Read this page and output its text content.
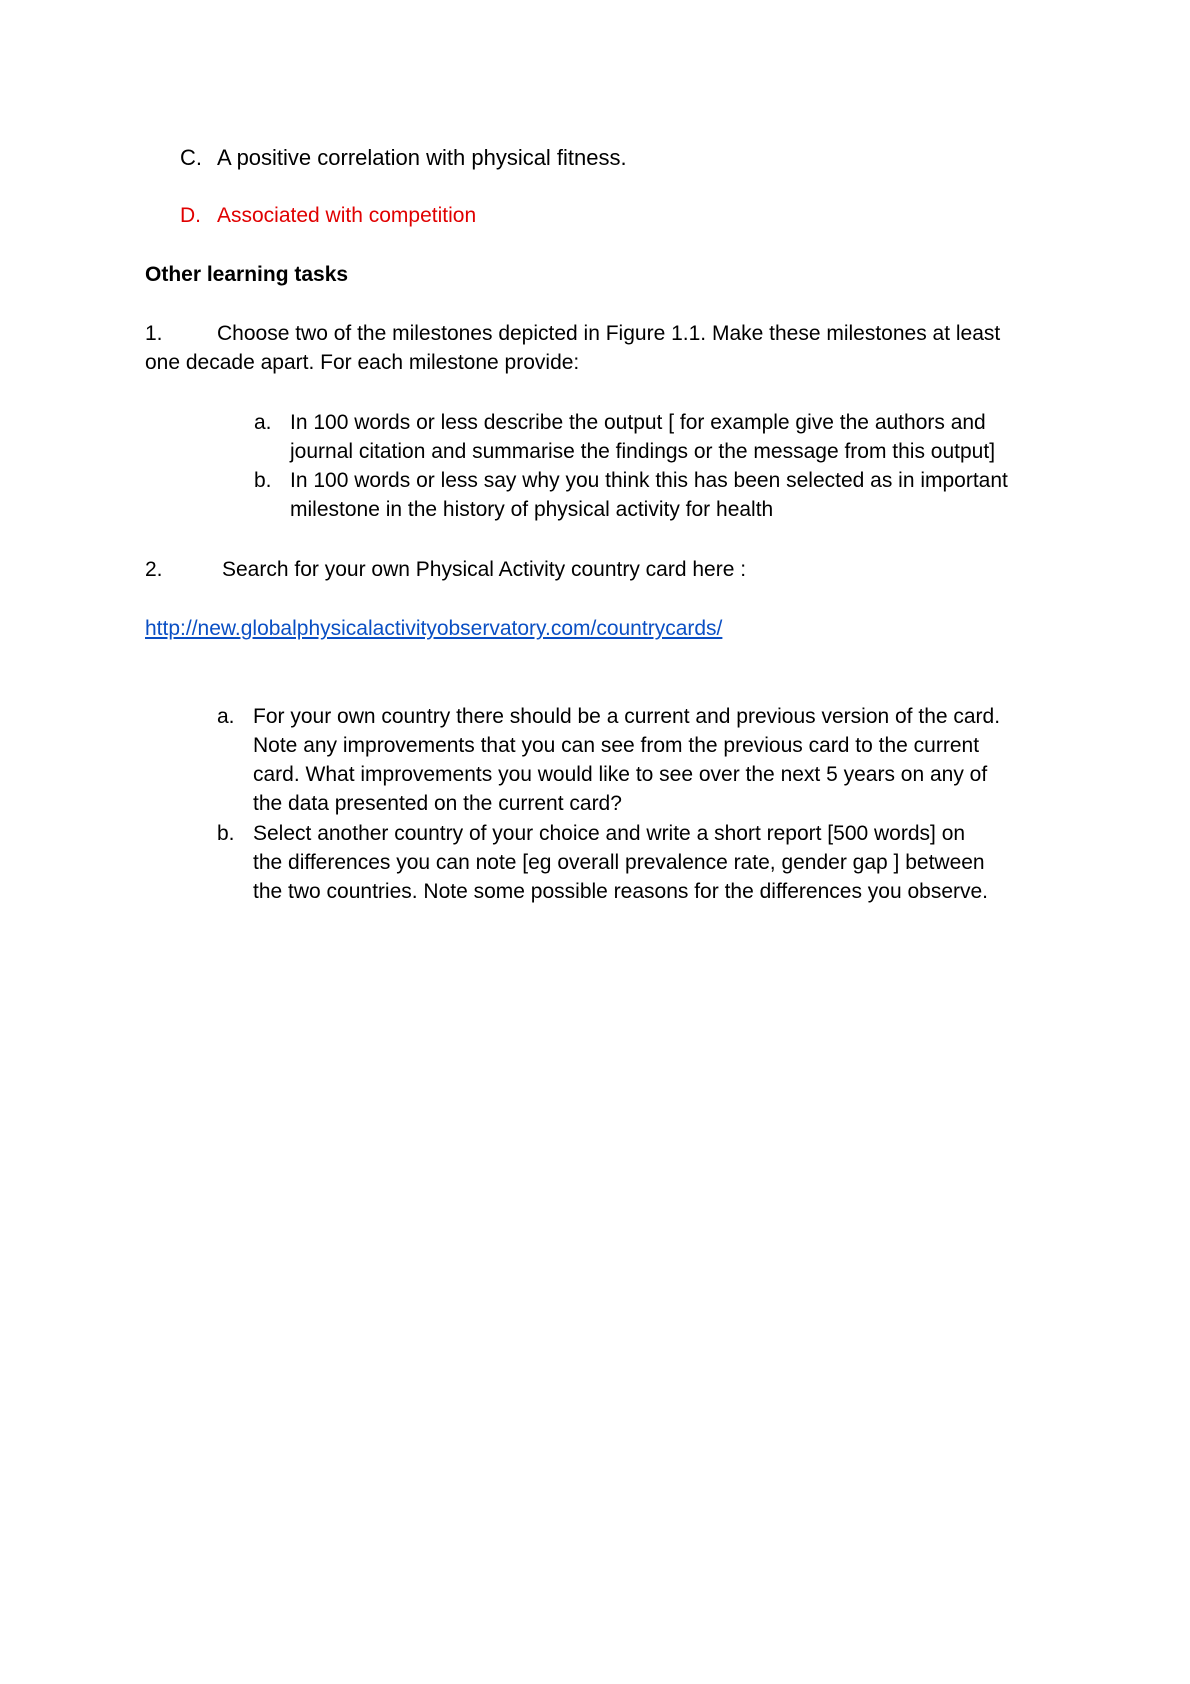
C. A positive correlation with physical fitness.
D. Associated with competition
Other learning tasks
1.	Choose two of the milestones depicted in Figure 1.1. Make these milestones at least
one decade apart. For each milestone provide:
a. In 100 words or less describe the output [ for example give the authors and
journal citation and summarise the findings or the message from this output]
b. In 100 words or less say why you think this has been selected as in important
milestone in the history of physical activity for health
2.	Search for your own Physical Activity country card here :
http://new.globalphysicalactivityobservatory.com/countrycards/
a. For your own country there should be a current and previous version of the card.
Note any improvements that you can see from the previous card to the current
card. What improvements you would like to see over the next 5 years on any of
the data presented on the current card?
b. Select another country of your choice and write a short report [500 words] on
the differences you can note [eg overall prevalence rate, gender gap ] between
the two countries. Note some possible reasons for the differences you observe.
